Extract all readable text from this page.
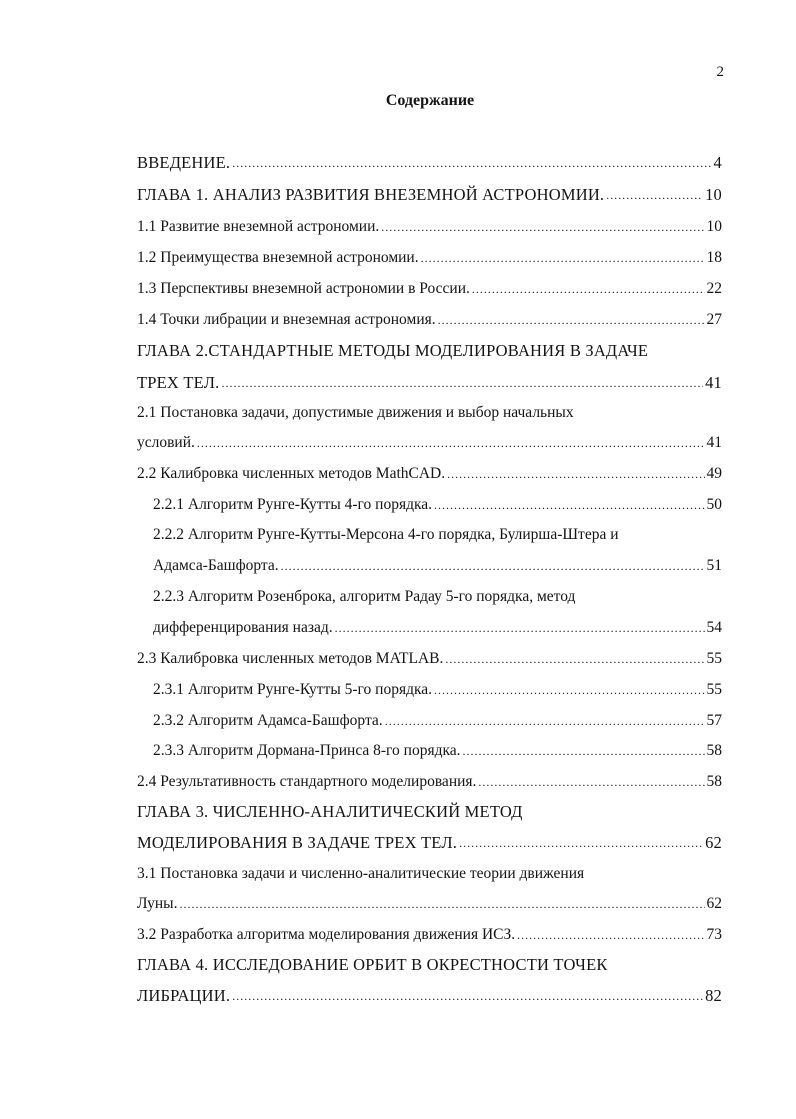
2
Содержание
ВВЕДЕНИЕ. . . .	4
ГЛАВА 1. АНАЛИЗ РАЗВИТИЯ ВНЕЗЕМНОЙ АСТРОНОМИИ. . . .	10
1.1 Развитие внеземной астрономии. . . .	10
1.2 Преимущества внеземной астрономии. . . .	18
1.3 Перспективы внеземной астрономии в России. . . .	22
1.4 Точки либрации и внеземная астрономия. . . .	27
ГЛАВА 2.СТАНДАРТНЫЕ МЕТОДЫ МОДЕЛИРОВАНИЯ В ЗАДАЧЕ
ТРЕХ ТЕЛ. . . .	41
2.1 Постановка задачи, допустимые движения и выбор начальных
условий. . . .	41
2.2 Калибровка численных методов MathCAD. . . .	49
2.2.1 Алгоритм Рунге-Кутты 4-го порядка. . . .	50
2.2.2 Алгоритм Рунге-Кутты-Мерсона 4-го порядка, Булирша-Штера и
Адамса-Башфорта. . . .	51
2.2.3 Алгоритм Розенброка, алгоритм Радау 5-го порядка, метод
дифференцирования назад. . . .	54
2.3 Калибровка численных методов MATLAB. . . .	55
2.3.1 Алгоритм Рунге-Кутты 5-го порядка. . . .	55
2.3.2 Алгоритм Адамса-Башфорта. . . .	57
2.3.3 Алгоритм Дормана-Принса 8-го порядка. . . .	58
2.4 Результативность стандартного моделирования. . . .	58
ГЛАВА 3. ЧИСЛЕННО-АНАЛИТИЧЕСКИЙ МЕТОД
МОДЕЛИРОВАНИЯ В ЗАДАЧЕ ТРЕХ ТЕЛ. . . .	62
3.1 Постановка задачи и численно-аналитические теории движения
Луны. . . .	62
3.2 Разработка алгоритма моделирования движения ИСЗ. . . .	73
ГЛАВА 4. ИССЛЕДОВАНИЕ ОРБИТ В ОКРЕСТНОСТИ ТОЧЕК
ЛИБРАЦИИ. . . .	82
